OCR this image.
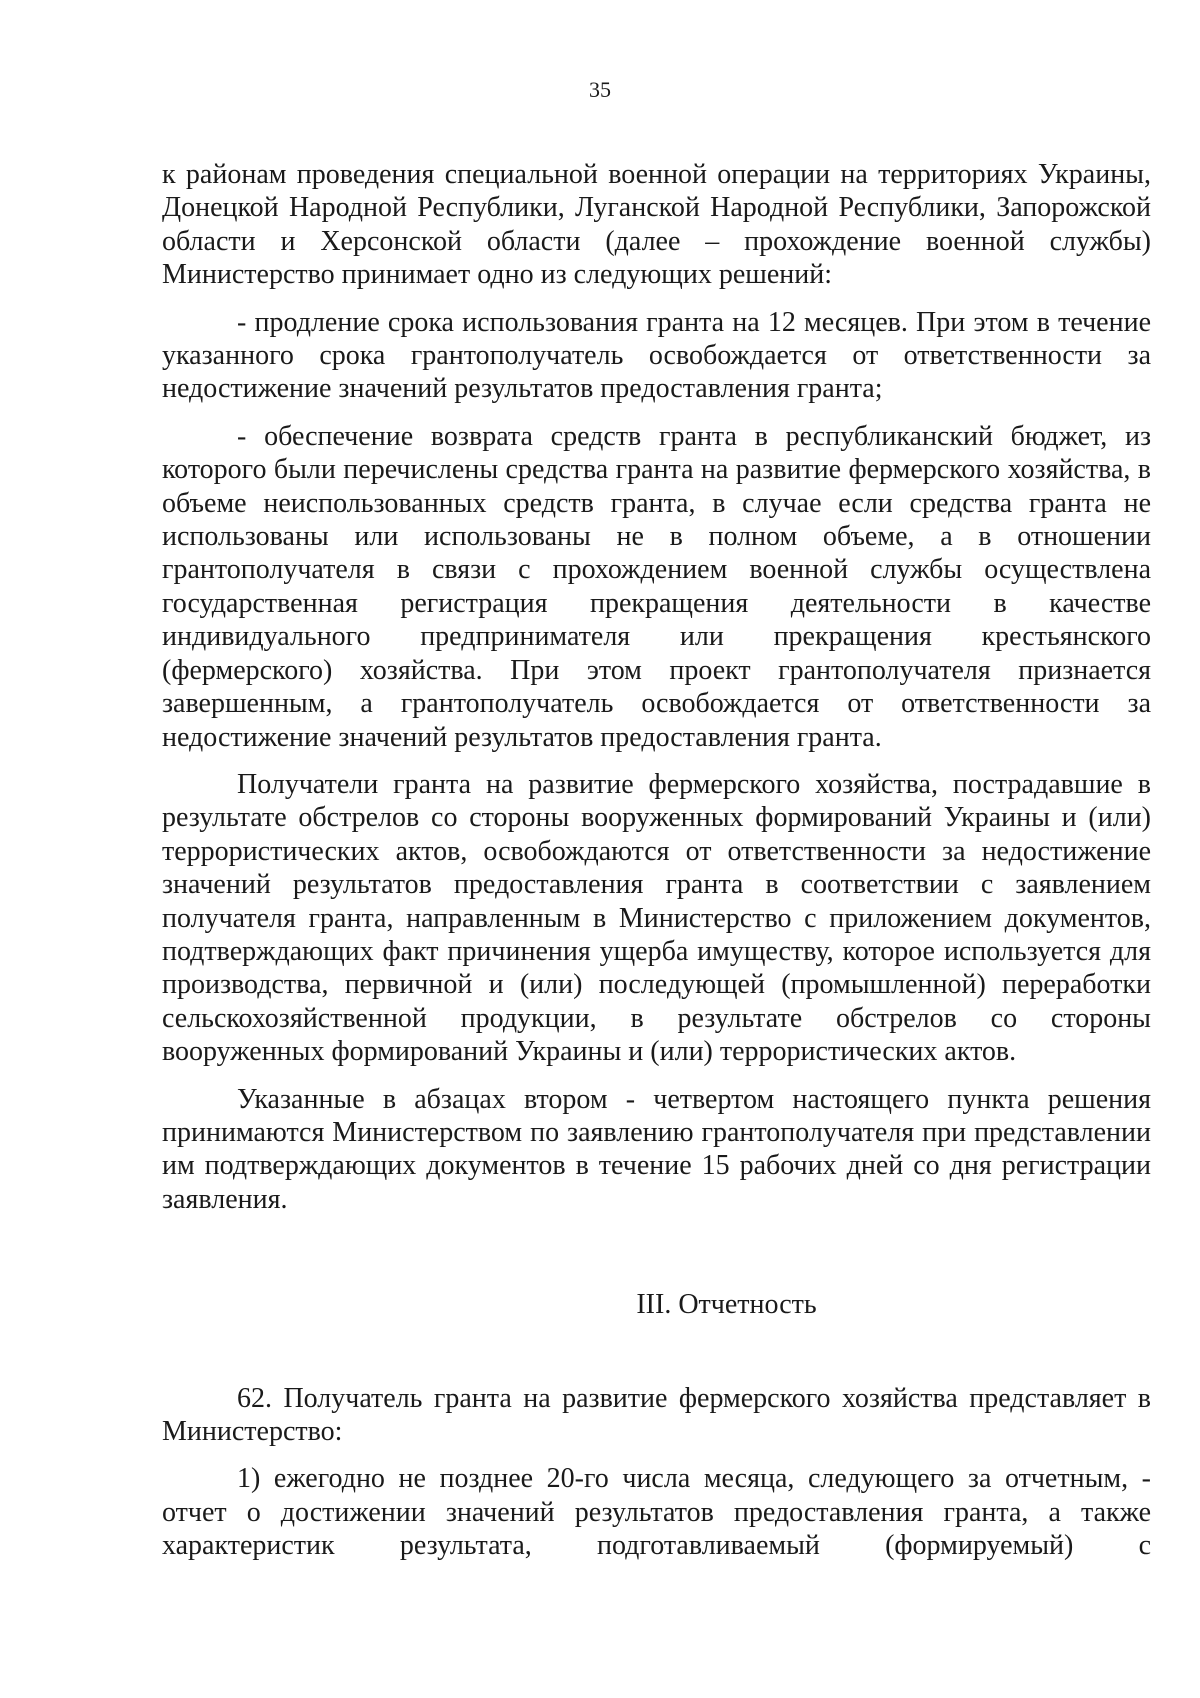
35

к районам проведения специальной военной операции на территориях Украины, Донецкой Народной Республики, Луганской Народной Республики, Запорожской области и Херсонской области (далее – прохождение военной службы) Министерство принимает одно из следующих решений:

- продление срока использования гранта на 12 месяцев. При этом в течение указанного срока грантополучатель освобождается от ответственности за недостижение значений результатов предоставления гранта;

- обеспечение возврата средств гранта в республиканский бюджет, из которого были перечислены средства гранта на развитие фермерского хозяйства, в объеме неиспользованных средств гранта, в случае если средства гранта не использованы или использованы не в полном объеме, а в отношении грантополучателя в связи с прохождением военной службы осуществлена государственная регистрация прекращения деятельности в качестве индивидуального предпринимателя или прекращения крестьянского (фермерского) хозяйства. При этом проект грантополучателя признается завершенным, а грантополучатель освобождается от ответственности за недостижение значений результатов предоставления гранта.

Получатели гранта на развитие фермерского хозяйства, пострадавшие в результате обстрелов со стороны вооруженных формирований Украины и (или) террористических актов, освобождаются от ответственности за недостижение значений результатов предоставления гранта в соответствии с заявлением получателя гранта, направленным в Министерство с приложением документов, подтверждающих факт причинения ущерба имуществу, которое используется для производства, первичной и (или) последующей (промышленной) переработки сельскохозяйственной продукции, в результате обстрелов со стороны вооруженных формирований Украины и (или) террористических актов.

Указанные в абзацах втором - четвертом настоящего пункта решения принимаются Министерством по заявлению грантополучателя при представлении им подтверждающих документов в течение 15 рабочих дней со дня регистрации заявления.

III. Отчетность

62. Получатель гранта на развитие фермерского хозяйства представляет в Министерство:

1) ежегодно не позднее 20-го числа месяца, следующего за отчетным, - отчет о достижении значений результатов предоставления гранта, а также характеристик результата, подготавливаемый (формируемый) с
